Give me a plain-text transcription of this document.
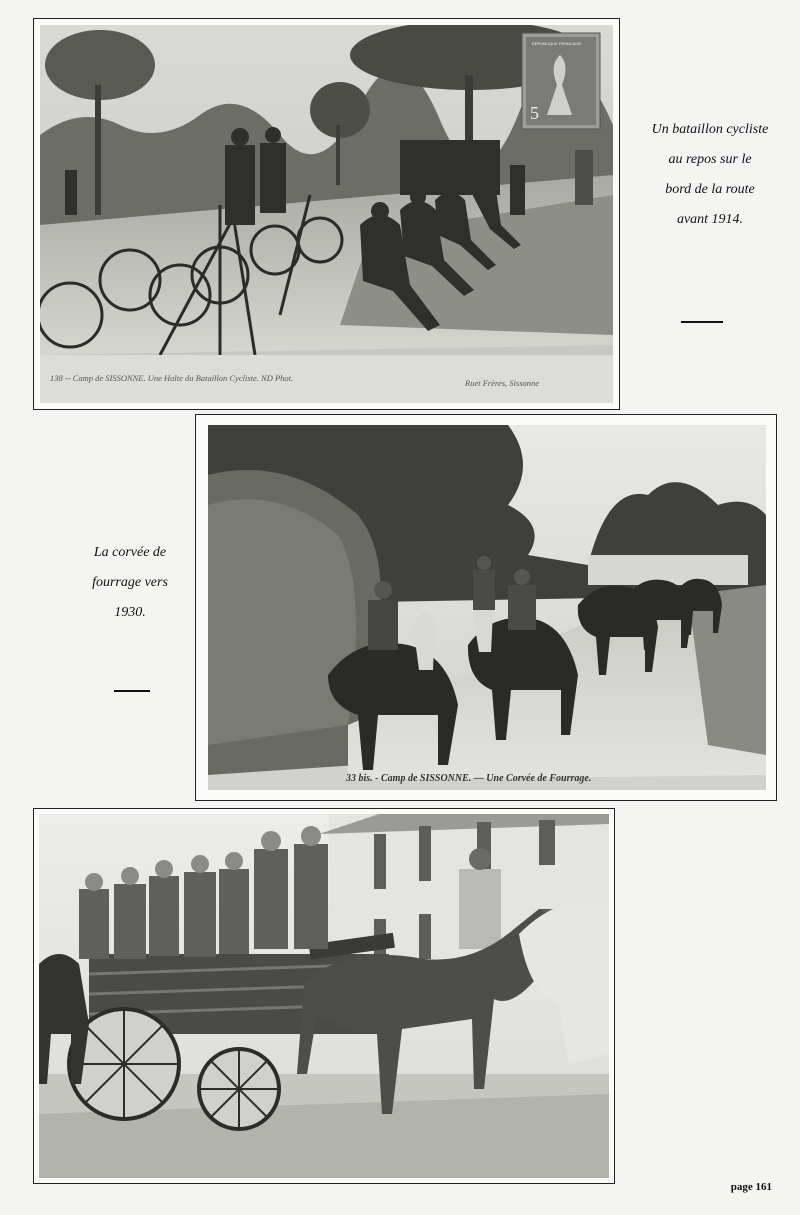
138 -- Camp de SISSONNE. Une Halte du Bataillon Cycliste. ND Phot.	Ruet Frères, Sissonne
REPUBLIQUE FRANCAISE
5
Un bataillon cycliste
au repos sur le
bord de la route
avant 1914.
33 bis. - Camp de SISSONNE. — Une Corvée de Fourrage.
La corvée de
fourrage vers
1930.
page 161
